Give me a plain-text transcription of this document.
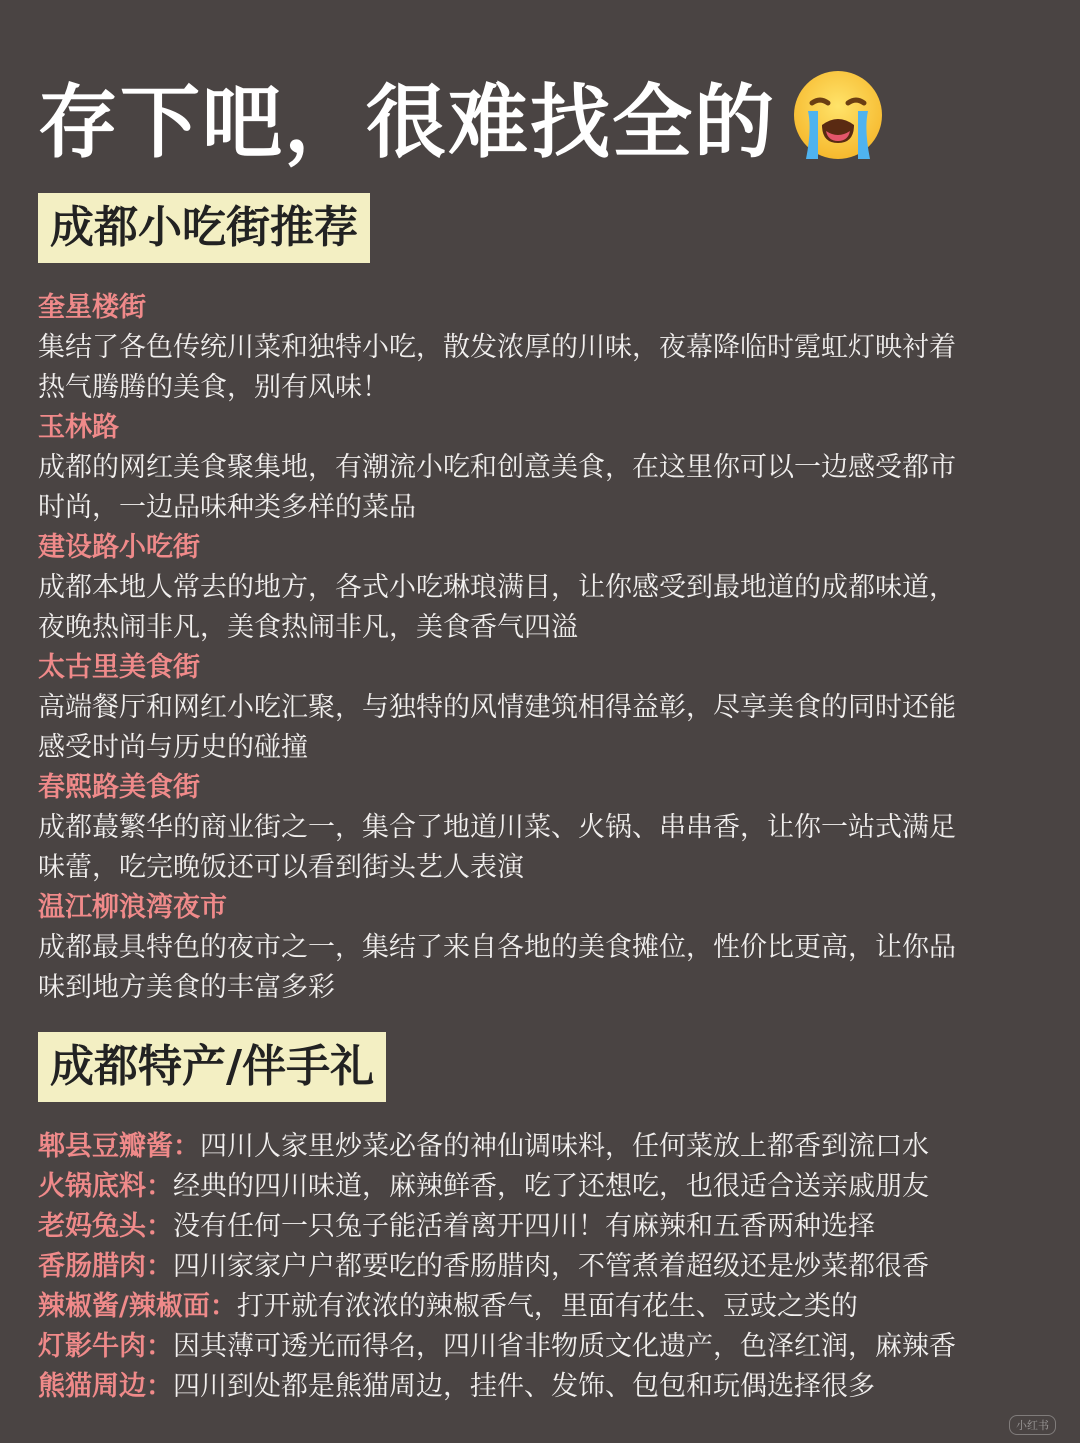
存下吧，很难找全的
成都小吃街推荐
奎星楼街
集结了各色传统川菜和独特小吃，散发浓厚的川味，夜幕降临时霓虹灯映衬着
热气腾腾的美食，别有风味！
玉林路
成都的网红美食聚集地，有潮流小吃和创意美食，在这里你可以一边感受都市
时尚，一边品味种类多样的菜品
建设路小吃街
成都本地人常去的地方，各式小吃琳琅满目，让你感受到最地道的成都味道，
夜晚热闹非凡，美食热闹非凡，美食香气四溢
太古里美食街
高端餐厅和网红小吃汇聚，与独特的风情建筑相得益彰，尽享美食的同时还能
感受时尚与历史的碰撞
春熙路美食街
成都蕞繁华的商业街之一，集合了地道川菜、火锅、串串香，让你一站式满足
味蕾，吃完晚饭还可以看到街头艺人表演
温江柳浪湾夜市
成都最具特色的夜市之一，集结了来自各地的美食摊位，性价比更高，让你品
味到地方美食的丰富多彩
成都特产/伴手礼
郫县豆瓣酱：四川人家里炒菜必备的神仙调味料，任何菜放上都香到流口水
火锅底料：经典的四川味道，麻辣鲜香，吃了还想吃，也很适合送亲戚朋友
老妈兔头：没有任何一只兔子能活着离开四川！有麻辣和五香两种选择
香肠腊肉：四川家家户户都要吃的香肠腊肉，不管煮着超级还是炒菜都很香
辣椒酱/辣椒面：打开就有浓浓的辣椒香气，里面有花生、豆豉之类的
灯影牛肉：因其薄可透光而得名，四川省非物质文化遗产，色泽红润，麻辣香
熊猫周边：四川到处都是熊猫周边，挂件、发饰、包包和玩偶选择很多
小红书
